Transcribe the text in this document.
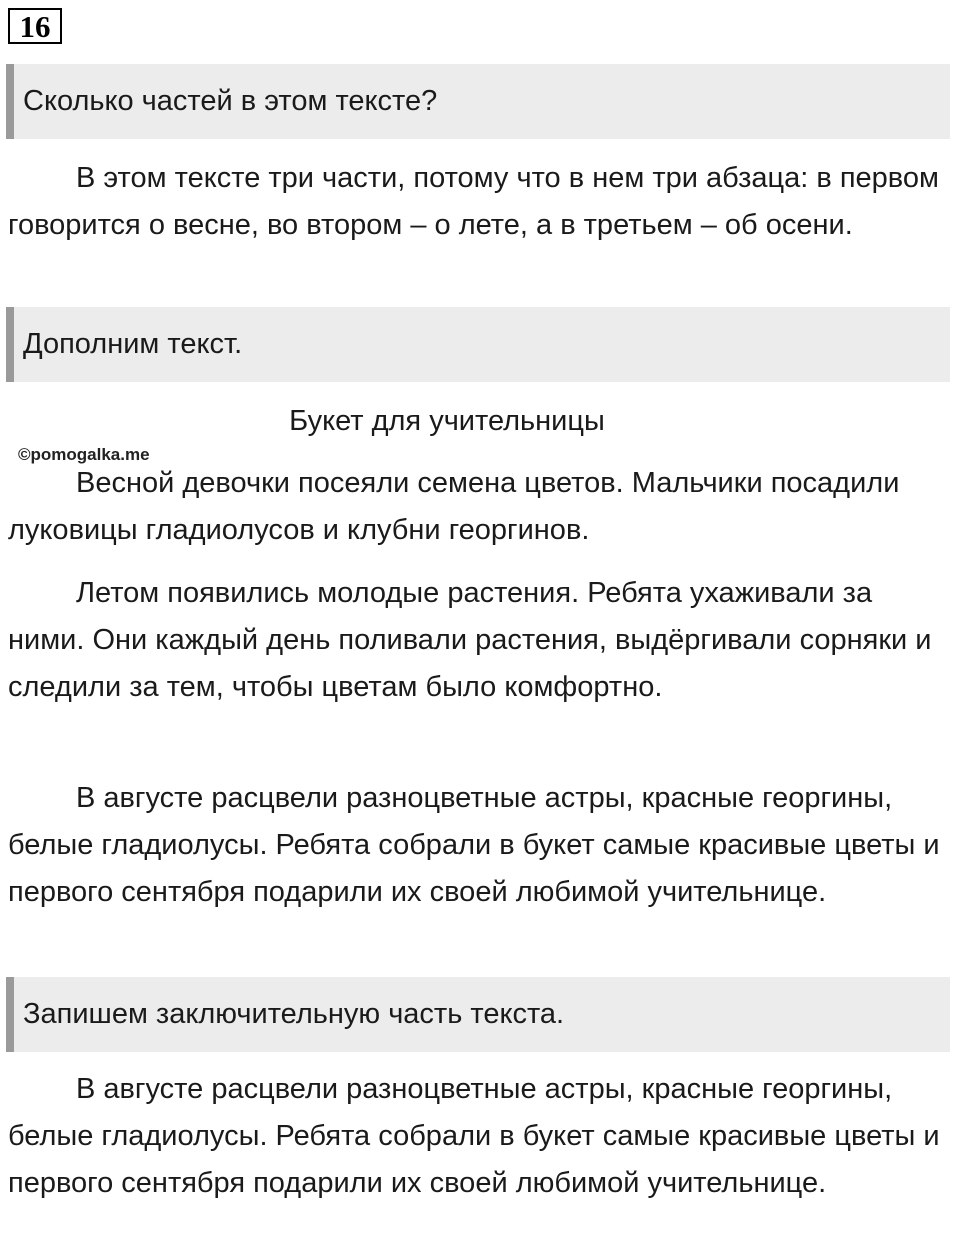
16
Сколько частей в этом тексте?

В этом тексте три части, потому что в нем три абзаца: в первом говорится о весне, во втором – о лете, а в третьем – об осени.

Дополним текст.

Букет для учительницы

©pomogalka.me

Весной девочки посеяли семена цветов. Мальчики посадили луковицы гладиолусов и клубни георгинов.

Летом появились молодые растения. Ребята ухаживали за ними. Они каждый день поливали растения, выдёргивали сорняки и следили за тем, чтобы цветам было комфортно.

В августе расцвели разноцветные астры, красные георгины, белые гладиолусы. Ребята собрали в букет самые красивые цветы и первого сентября подарили их своей любимой учительнице.

Запишем заключительную часть текста.

В августе расцвели разноцветные астры, красные георгины, белые гладиолусы. Ребята собрали в букет самые красивые цветы и первого сентября подарили их своей любимой учительнице.
